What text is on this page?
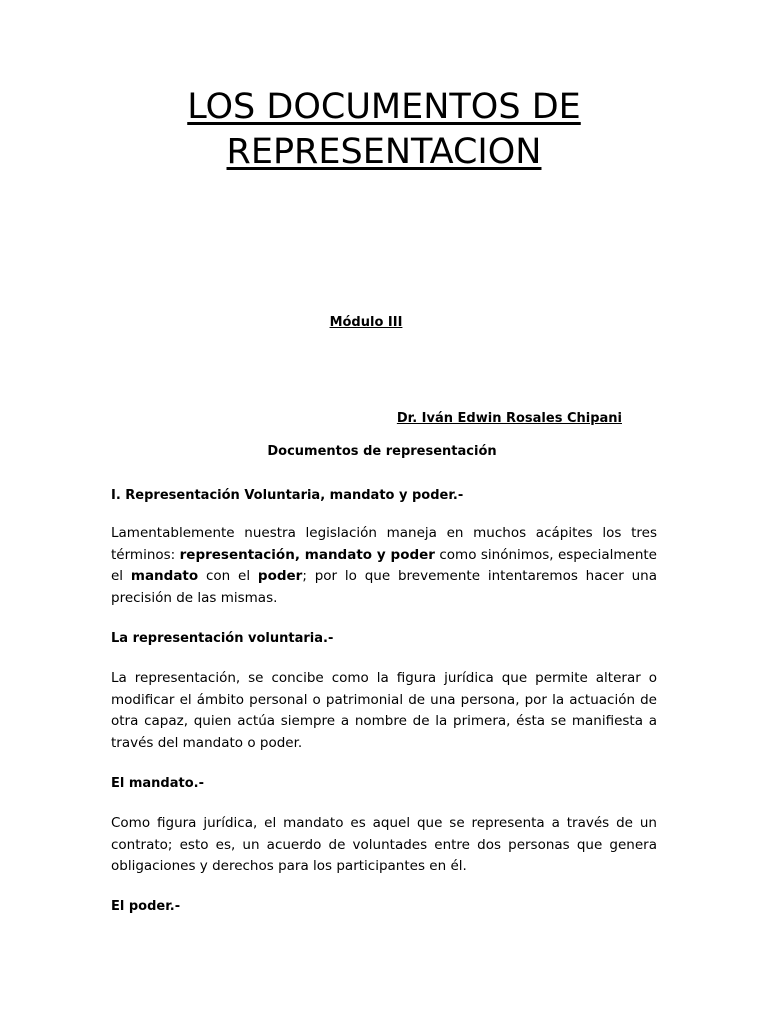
LOS DOCUMENTOS DE
REPRESENTACION
Módulo III
Dr. Iván Edwin Rosales Chipani
Documentos de representación
I. Representación Voluntaria, mandato y poder.-
Lamentablemente nuestra legislación maneja en muchos acápites los tres términos: representación, mandato y poder como sinónimos, especialmente el mandato con el poder; por lo que brevemente intentaremos hacer una precisión de las mismas.
La representación voluntaria.-
La representación, se concibe como la figura jurídica que permite alterar o modificar el ámbito personal o patrimonial de una persona, por la actuación de otra capaz, quien actúa siempre a nombre de la primera, ésta se manifiesta a través del mandato o poder.
El mandato.-
Como figura jurídica, el mandato es aquel que se representa a través de un contrato; esto es, un acuerdo de voluntades entre dos personas que genera obligaciones y derechos para los participantes en él.
El poder.-
